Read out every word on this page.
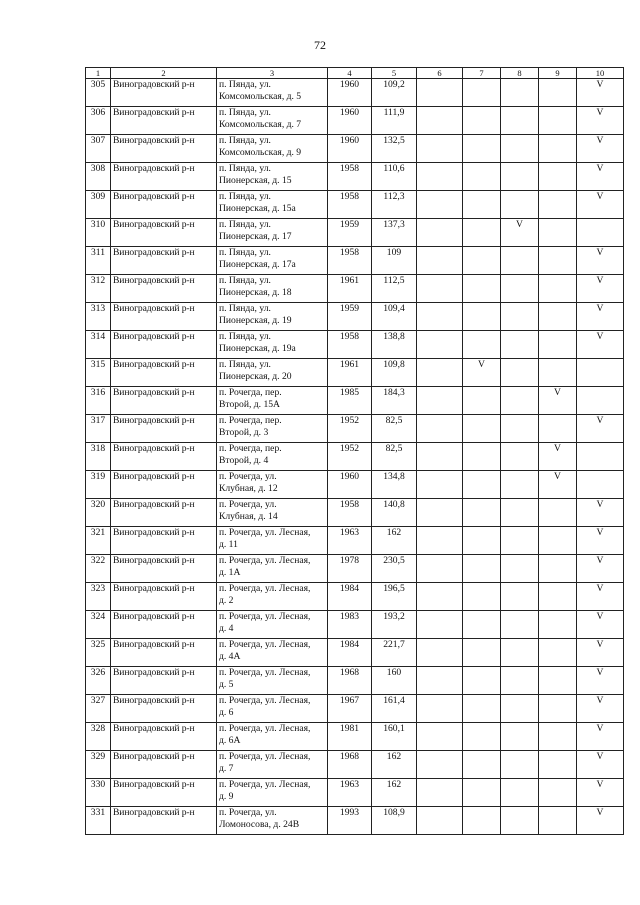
72
1	2	3	4	5	6	7	8	9	10
305	Виноградовский р-н	п. Пянда, ул.
Комсомольская, д. 5	1960	109,2					V
306	Виноградовский р-н	п. Пянда, ул.
Комсомольская, д. 7	1960	111,9					V
307	Виноградовский р-н	п. Пянда, ул.
Комсомольская, д. 9	1960	132,5					V
308	Виноградовский р-н	п. Пянда, ул.
Пионерская, д. 15	1958	110,6					V
309	Виноградовский р-н	п. Пянда, ул.
Пионерская, д. 15а	1958	112,3					V
310	Виноградовский р-н	п. Пянда, ул.
Пионерская, д. 17	1959	137,3			V		
311	Виноградовский р-н	п. Пянда, ул.
Пионерская, д. 17а	1958	109					V
312	Виноградовский р-н	п. Пянда, ул.
Пионерская, д. 18	1961	112,5					V
313	Виноградовский р-н	п. Пянда, ул.
Пионерская, д. 19	1959	109,4					V
314	Виноградовский р-н	п. Пянда, ул.
Пионерская, д. 19а	1958	138,8					V
315	Виноградовский р-н	п. Пянда, ул.
Пионерская, д. 20	1961	109,8		V			
316	Виноградовский р-н	п. Рочегда, пер.
Второй, д. 15А	1985	184,3				V	
317	Виноградовский р-н	п. Рочегда, пер.
Второй, д. 3	1952	82,5					V
318	Виноградовский р-н	п. Рочегда, пер.
Второй, д. 4	1952	82,5				V	
319	Виноградовский р-н	п. Рочегда, ул.
Клубная, д. 12	1960	134,8				V	
320	Виноградовский р-н	п. Рочегда, ул.
Клубная, д. 14	1958	140,8					V
321	Виноградовский р-н	п. Рочегда, ул. Лесная,
д. 11	1963	162					V
322	Виноградовский р-н	п. Рочегда, ул. Лесная,
д. 1А	1978	230,5					V
323	Виноградовский р-н	п. Рочегда, ул. Лесная,
д. 2	1984	196,5					V
324	Виноградовский р-н	п. Рочегда, ул. Лесная,
д. 4	1983	193,2					V
325	Виноградовский р-н	п. Рочегда, ул. Лесная,
д. 4А	1984	221,7					V
326	Виноградовский р-н	п. Рочегда, ул. Лесная,
д. 5	1968	160					V
327	Виноградовский р-н	п. Рочегда, ул. Лесная,
д. 6	1967	161,4					V
328	Виноградовский р-н	п. Рочегда, ул. Лесная,
д. 6А	1981	160,1					V
329	Виноградовский р-н	п. Рочегда, ул. Лесная,
д. 7	1968	162					V
330	Виноградовский р-н	п. Рочегда, ул. Лесная,
д. 9	1963	162					V
331	Виноградовский р-н	п. Рочегда, ул.
Ломоносова, д. 24В	1993	108,9					V
